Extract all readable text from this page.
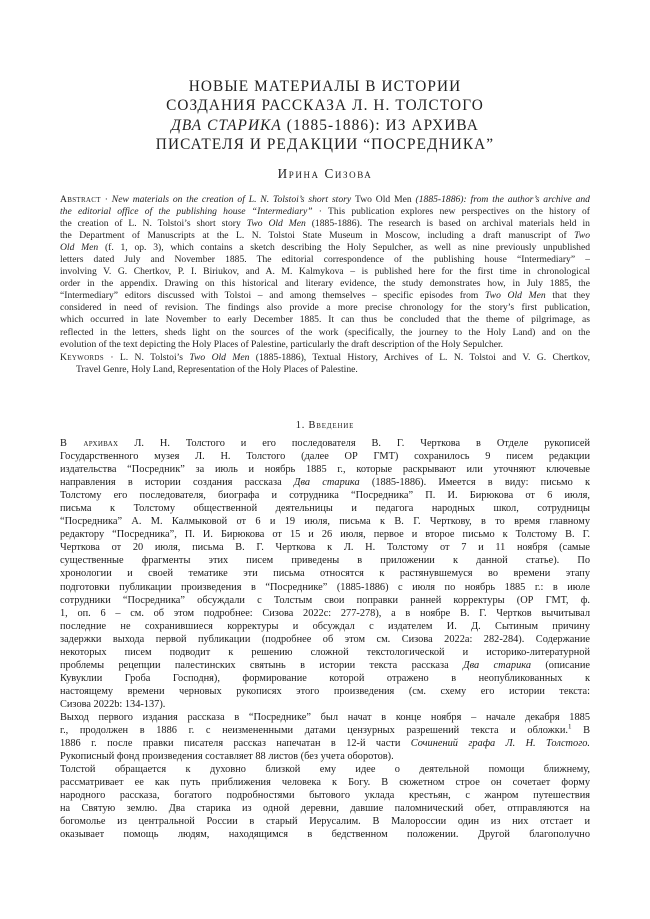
НОВЫЕ МАТЕРИАЛЫ В ИСТОРИИ
СОЗДАНИЯ РАССКАЗА Л. Н. ТОЛСТОГО
ДВА СТАРИКА (1885-1886): ИЗ АРХИВА
ПИСАТЕЛЯ И РЕДАКЦИИ “ПОСРЕДНИКА”
Ирина Сизова
Abstract · New materials on the creation of L. N. Tolstoi’s short story Two Old Men (1885-1886): from the author’s archive and
the editorial office of the publishing house “Intermediary” · This publication explores new perspectives on the history of
the creation of L. N. Tolstoi’s short story Two Old Men (1885-1886). The research is based on archival materials held in
the Department of Manuscripts at the L. N. Tolstoi State Museum in Moscow, including a draft manuscript of Two
Old Men (f. 1, op. 3), which contains a sketch describing the Holy Sepulcher, as well as nine previously unpublished
letters dated July and November 1885. The editorial correspondence of the publishing house “Intermediary” –
involving V. G. Chertkov, P. I. Biriukov, and A. M. Kalmykova – is published here for the first time in chronological
order in the appendix. Drawing on this historical and literary evidence, the study demonstrates how, in July 1885, the
“Intermediary” editors discussed with Tolstoi – and among themselves – specific episodes from Two Old Men that they
considered in need of revision. The findings also provide a more precise chronology for the story’s first publication,
which occurred in late November to early December 1885. It can thus be concluded that the theme of pilgrimage, as
reflected in the letters, sheds light on the sources of the work (specifically, the journey to the Holy Land) and on the
evolution of the text depicting the Holy Places of Palestine, particularly the draft description of the Holy Sepulcher.
Keywords · L. N. Tolstoi’s Two Old Men (1885-1886), Textual History, Archives of L. N. Tolstoi and V. G. Chertkov,
Travel Genre, Holy Land, Representation of the Holy Places of Palestine.
1. Введение
В архивах Л. Н. Толстого и его последователя В. Г. Черткова в Отделе рукописей
Государственного музея Л. Н. Толстого (далее ОР ГМТ) сохранилось 9 писем редакции
издательства “Посредник” за июль и ноябрь 1885 г., которые раскрывают или уточняют ключевые
направления в истории создания рассказа Два старика (1885-1886). Имеется в виду: письмо к
Толстому его последователя, биографа и сотрудника “Посредника” П. И. Бирюкова от 6 июля,
письма к Толстому общественной деятельницы и педагога народных школ, сотрудницы
“Посредника” А. М. Калмыковой от 6 и 19 июля, письма к В. Г. Черткову, в то время главному
редактору “Посредника”, П. И. Бирюкова от 15 и 26 июля, первое и второе письмо к Толстому В. Г.
Черткова от 20 июля, письма В. Г. Черткова к Л. Н. Толстому от 7 и 11 ноября (самые
существенные фрагменты этих писем приведены в приложении к данной статье). По
хронологии и своей тематике эти письма относятся к растянувшемуся во времени этапу
подготовки публикации произведения в “Посреднике” (1885-1886) с июля по ноябрь 1885 г.: в июле
сотрудники “Посредника” обсуждали с Толстым свои поправки ранней корректуры (ОР ГМТ, ф.
1, оп. 6 – см. об этом подробнее: Сизова 2022c: 277-278), а в ноябре В. Г. Чертков вычитывал
последние не сохранившиеся корректуры и обсуждал с издателем И. Д. Сытиным причину
задержки выхода первой публикации (подробнее об этом см. Сизова 2022a: 282-284). Содержание
некоторых писем подводит к решению сложной текстологической и историко-литературной
проблемы рецепции палестинских святынь в истории текста рассказа Два старика (описание
Кувуклии Гроба Господня), формирование которой отражено в неопубликованных к
настоящему времени черновых рукописях этого произведения (см. схему его истории текста:
Сизова 2022b: 134-137).
Выход первого издания рассказа в “Посреднике” был начат в конце ноября – начале декабря 1885
г., продолжен в 1886 г. с неизмененными датами цензурных разрешений текста и обложки.$^1$ В
1886 г. после правки писателя рассказ напечатан в 12-й части Сочинений графа Л. Н. Толстого.
Рукописный фонд произведения составляет 88 листов (без учета оборотов).
Толстой обращается к духовно близкой ему идее о деятельной помощи ближнему,
рассматривает ее как путь приближения человека к Богу. В сюжетном строе он сочетает форму
народного рассказа, богатого подробностями бытового уклада крестьян, с жанром путешествия
на Святую землю. Два старика из одной деревни, давшие паломнический обет, отправляются на
богомолье из центральной России в старый Иерусалим. В Малороссии один из них отстает и
оказывает помощь людям, находящимся в бедственном положении. Другой благополучно
